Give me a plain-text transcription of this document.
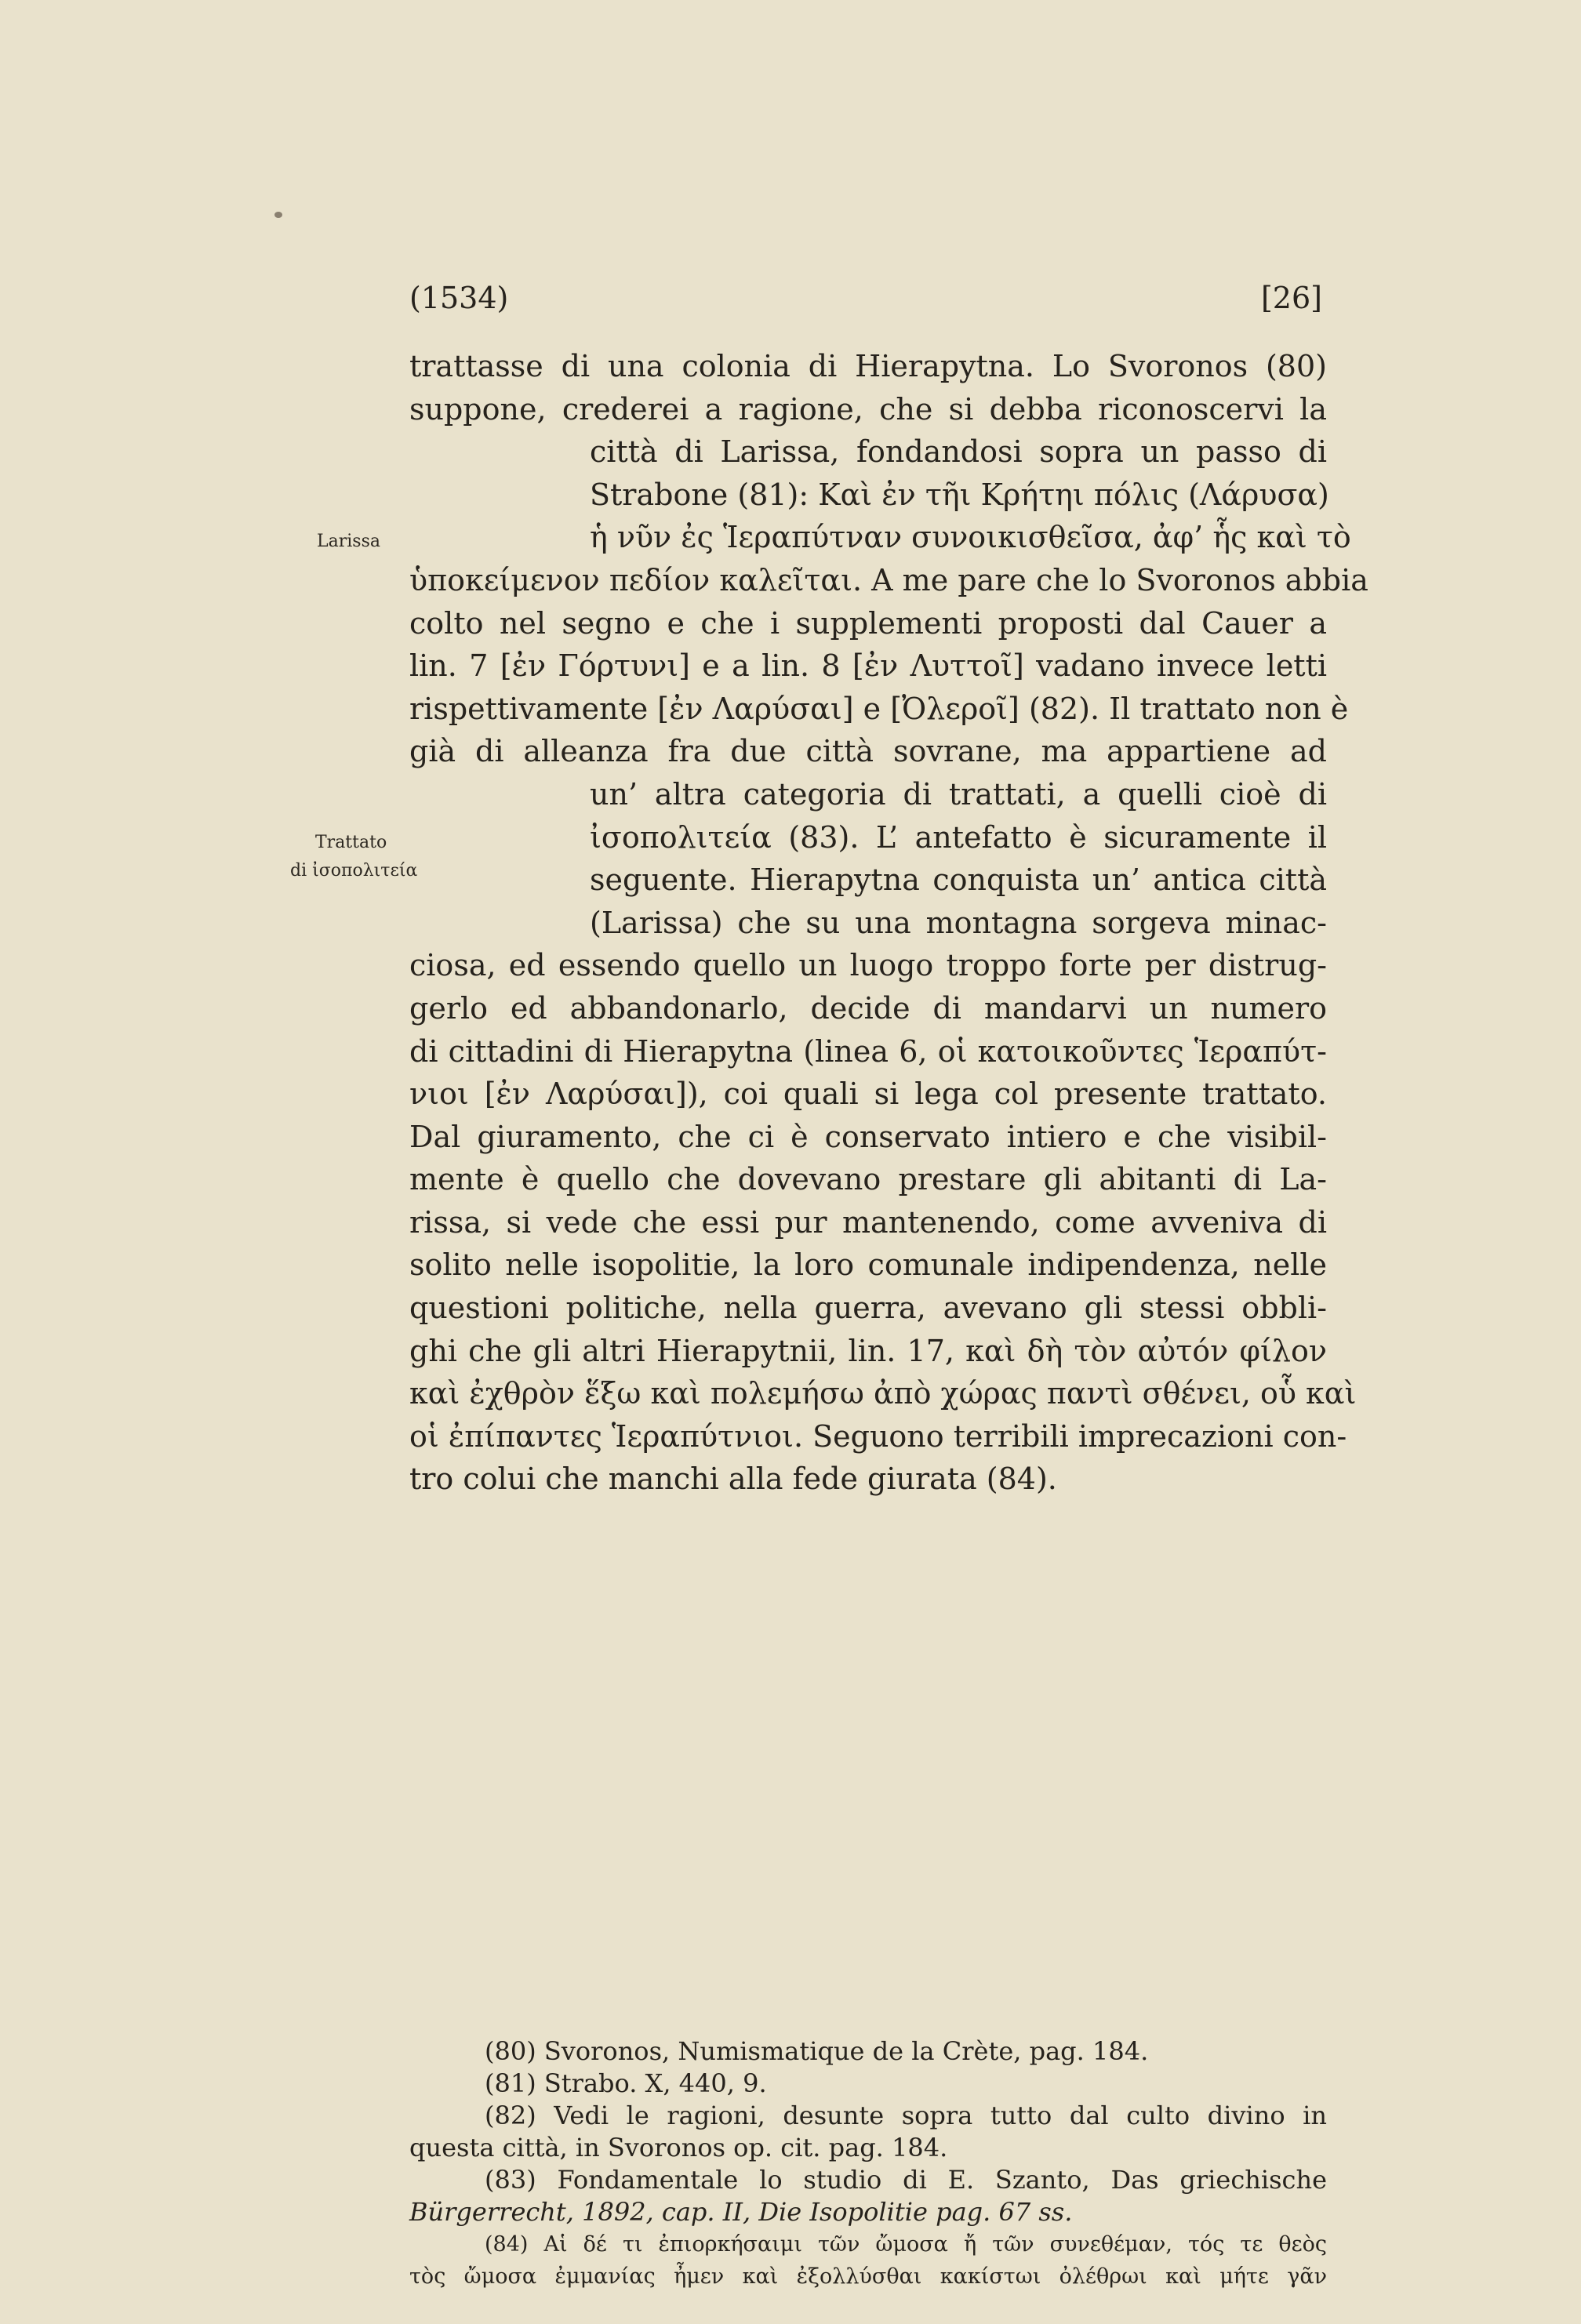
(1534)	[26]
Larissa
Trattato
di ἰσοπολιτεία
trattasse di una colonia di Hierapytna. Lo Svoronos (80)
suppone, crederei a ragione, che si debba riconoscervi la
città di Larissa, fondandosi sopra un passo di
Strabone (81): Καὶ ἐν τῆι Κρήτηι πόλις (Λάρυσα)
ἡ νῦν ἐς Ἱεραπύτναν συνοικισθεῖσα, ἀφ’ ἧς καὶ τὸ
ὑποκείμενον πεδίον καλεῖται. A me pare che lo Svoronos abbia
colto nel segno e che i supplementi proposti dal Cauer a
lin. 7 [ἐν Γόρτυνι] e a lin. 8 [ἐν Λυττοῖ] vadano invece letti
rispettivamente [ἐν Λαρύσαι] e [Ὀλεροῖ] (82). Il trattato non è
già di alleanza fra due città sovrane, ma appartiene ad
un’ altra categoria di trattati, a quelli cioè di
ἰσοπολιτεία (83). L’ antefatto è sicuramente il
seguente. Hierapytna conquista un’ antica città
(Larissa) che su una montagna sorgeva minac-
ciosa, ed essendo quello un luogo troppo forte per distrug-
gerlo ed abbandonarlo, decide di mandarvi un numero
di cittadini di Hierapytna (linea 6, οἱ κατοικοῦντες Ἱεραπύτ-
νιοι [ἐν Λαρύσαι]), coi quali si lega col presente trattato.
Dal giuramento, che ci è conservato intiero e che visibil-
mente è quello che dovevano prestare gli abitanti di La-
rissa, si vede che essi pur mantenendo, come avveniva di
solito nelle isopolitie, la loro comunale indipendenza, nelle
questioni politiche, nella guerra, avevano gli stessi obbli-
ghi che gli altri Hierapytnii, lin. 17, καὶ δὴ τὸν αὐτόν φίλον
καὶ ἐχθρὸν ἕξω καὶ πολεμήσω ἀπὸ χώρας παντὶ σθένει, οὗ καὶ
οἱ ἐπίπαντες Ἱεραπύτνιοι. Seguono terribili imprecazioni con-
tro colui che manchi alla fede giurata (84).
(80) Svoronos, Numismatique de la Crète, pag. 184.
(81) Strabo. X, 440, 9.
(82) Vedi le ragioni, desunte sopra tutto dal culto divino in
questa città, in Svoronos op. cit. pag. 184.
(83) Fondamentale lo studio di E. Szanto, Das griechische
Bürgerrecht, 1892, cap. II, Die Isopolitie pag. 67 ss.
(84) Αἱ δέ τι ἐπιορκήσαιμι τῶν ὤμοσα ἤ τῶν συνεθέμαν, τός τε θεὸς
τὸς ὤμοσα ἐμμανίας ἦμεν καὶ ἐξολλύσθαι κακίστωι ὀλέθρωι καὶ μήτε γᾶν
